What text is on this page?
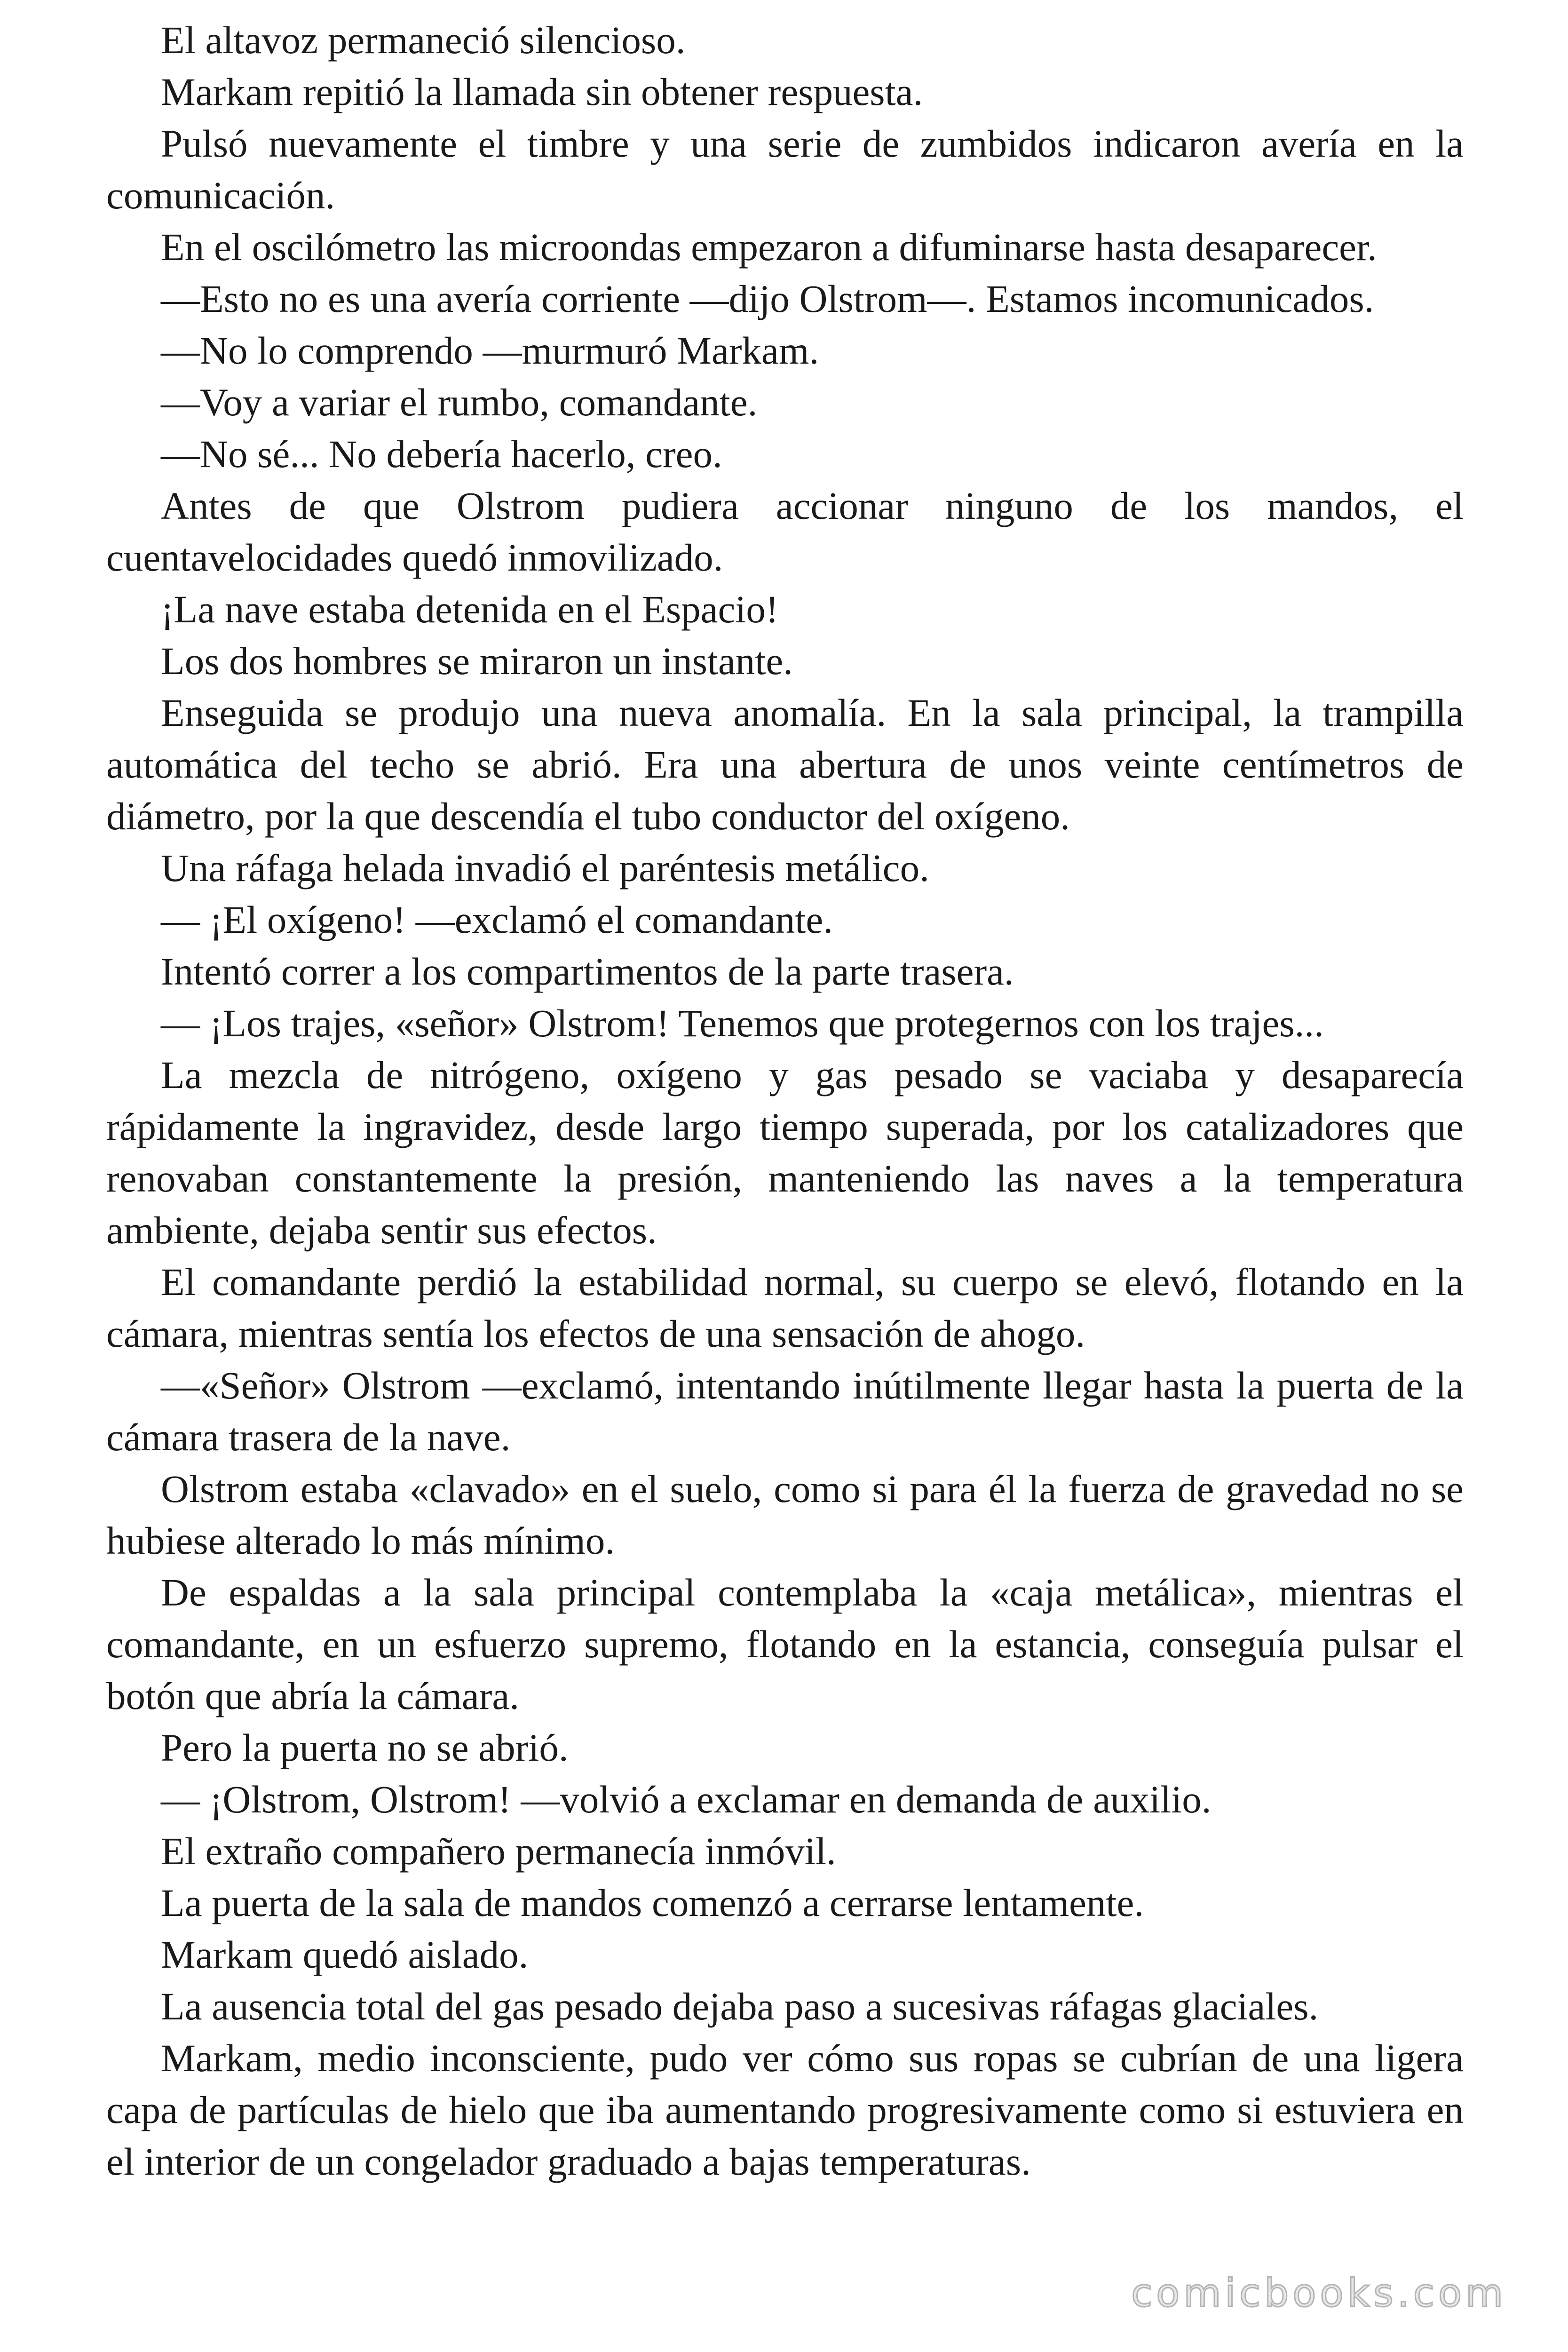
El altavoz permaneció silencioso.

Markam repitió la llamada sin obtener respuesta.

Pulsó nuevamente el timbre y una serie de zumbidos indicaron avería en la comunicación.

En el oscilómetro las microondas empezaron a difuminarse hasta desaparecer.

—Esto no es una avería corriente —dijo Olstrom—. Estamos incomunicados.

—No lo comprendo —murmuró Markam.

—Voy a variar el rumbo, comandante.

—No sé... No debería hacerlo, creo.

Antes de que Olstrom pudiera accionar ninguno de los mandos, el cuentavelocidades quedó inmovilizado.

¡La nave estaba detenida en el Espacio!

Los dos hombres se miraron un instante.

Enseguida se produjo una nueva anomalía. En la sala principal, la trampilla automática del techo se abrió. Era una abertura de unos veinte centímetros de diámetro, por la que descendía el tubo conductor del oxígeno.

Una ráfaga helada invadió el paréntesis metálico.

— ¡El oxígeno! —exclamó el comandante.

Intentó correr a los compartimentos de la parte trasera.

— ¡Los trajes, «señor» Olstrom! Tenemos que protegernos con los trajes...

La mezcla de nitrógeno, oxígeno y gas pesado se vaciaba y desaparecía rápidamente la ingravidez, desde largo tiempo superada, por los catalizadores que renovaban constantemente la presión, manteniendo las naves a la temperatura ambiente, dejaba sentir sus efectos.

El comandante perdió la estabilidad normal, su cuerpo se elevó, flotando en la cámara, mientras sentía los efectos de una sensación de ahogo.

—«Señor» Olstrom —exclamó, intentando inútilmente llegar hasta la puerta de la cámara trasera de la nave.

Olstrom estaba «clavado» en el suelo, como si para él la fuerza de gravedad no se hubiese alterado lo más mínimo.

De espaldas a la sala principal contemplaba la «caja metálica», mientras el comandante, en un esfuerzo supremo, flotando en la estancia, conseguía pulsar el botón que abría la cámara.

Pero la puerta no se abrió.

— ¡Olstrom, Olstrom! —volvió a exclamar en demanda de auxilio.

El extraño compañero permanecía inmóvil.

La puerta de la sala de mandos comenzó a cerrarse lentamente.

Markam quedó aislado.

La ausencia total del gas pesado dejaba paso a sucesivas ráfagas glaciales.

Markam, medio inconsciente, pudo ver cómo sus ropas se cubrían de una ligera capa de partículas de hielo que iba aumentando progresivamente como si estuviera en el interior de un congelador graduado a bajas temperaturas.

comicbooks.com
